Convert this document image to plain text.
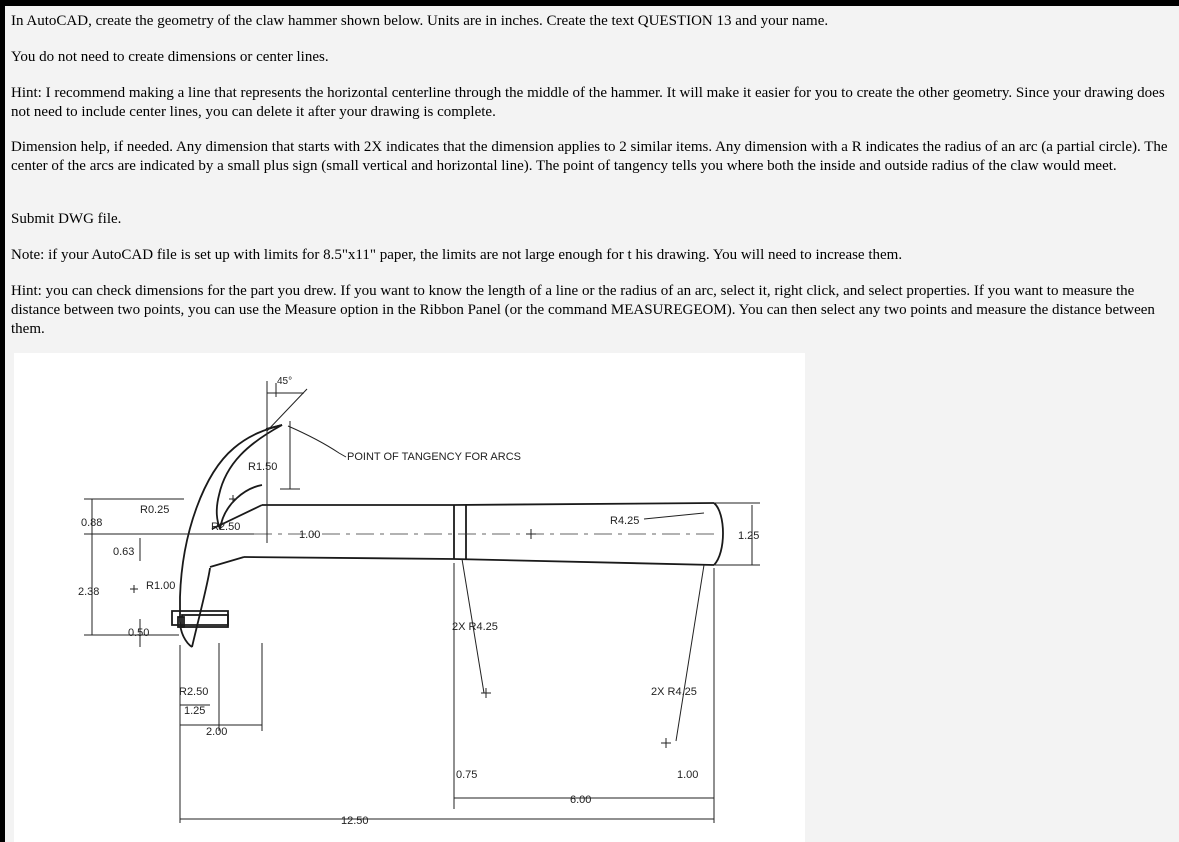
In AutoCAD, create the geometry of the claw hammer shown below. Units are in inches. Create the text QUESTION 13 and your name.

You do not need to create dimensions or center lines.

Hint: I recommend making a line that represents the horizontal centerline through the middle of the hammer. It will make it easier for you to create the other geometry. Since your drawing does not need to include center lines, you can delete it after your drawing is complete.

Dimension help, if needed. Any dimension that starts with 2X indicates that the dimension applies to 2 similar items. Any dimension with a R indicates the radius of an arc (a partial circle). The center of the arcs are indicated by a small plus sign (small vertical and horizontal line). The point of tangency tells you where both the inside and outside radius of the claw would meet.

Submit DWG file.

Note: if your AutoCAD file is set up with limits for 8.5"x11" paper, the limits are not large enough for t his drawing. You will need to increase them.

Hint: you can check dimensions for the part you drew. If you want to know the length of a line or the radius of an arc, select it, right click, and select properties. If you want to measure the distance between two points, you can use the Measure option in the Ribbon Panel (or the command MEASUREGEOM). You can then select any two points and measure the distance between them.

45°
R1.50
POINT OF TANGENCY FOR ARCS
R0.25
0.88	R2.50
1.00
R4.25
1.25
0.63
R1.00
2.38
0.50	2X R4.25
R2.50	2X R4.25
1.25
2.00
0.75	1.00
6.00
12.50
